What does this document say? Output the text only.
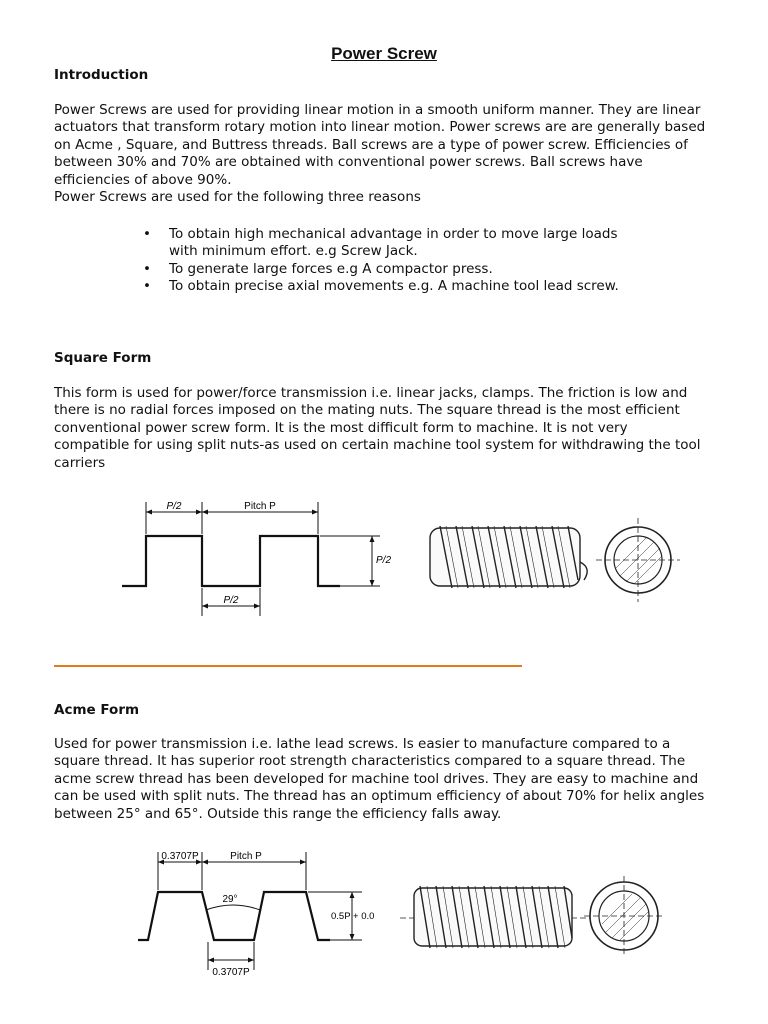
Power Screw
Introduction
Power Screws are used for providing linear motion in a smooth uniform manner. They are linear
actuators that transform rotary motion into linear motion. Power screws are are generally based
on Acme , Square, and Buttress threads. Ball screws are a type of power screw. Efficiencies of
between 30% and 70% are obtained with conventional power screws. Ball screws have
efficiencies of above 90%.
Power Screws are used for the following three reasons
• To obtain high mechanical advantage in order to move large loads
with minimum effort. e.g Screw Jack.
• To generate large forces e.g A compactor press.
• To obtain precise axial movements e.g. A machine tool lead screw.
Square Form
This form is used for power/force transmission i.e. linear jacks, clamps. The friction is low and
there is no radial forces imposed on the mating nuts. The square thread is the most efficient
conventional power screw form. It is the most difficult form to machine. It is not very
compatible for using split nuts-as used on certain machine tool system for withdrawing the tool
carriers
P/2	Pitch P
P/2
P/2
Acme Form
Used for power transmission i.e. lathe lead screws. Is easier to manufacture compared to a
square thread. It has superior root strength characteristics compared to a square thread. The
acme screw thread has been developed for machine tool drives. They are easy to machine and
can be used with split nuts. The thread has an optimum efficiency of about 70% for helix angles
between 25° and 65°. Outside this range the efficiency falls away.
0.3707P	Pitch P
29°
0.5P + 0.0
0.3707P
